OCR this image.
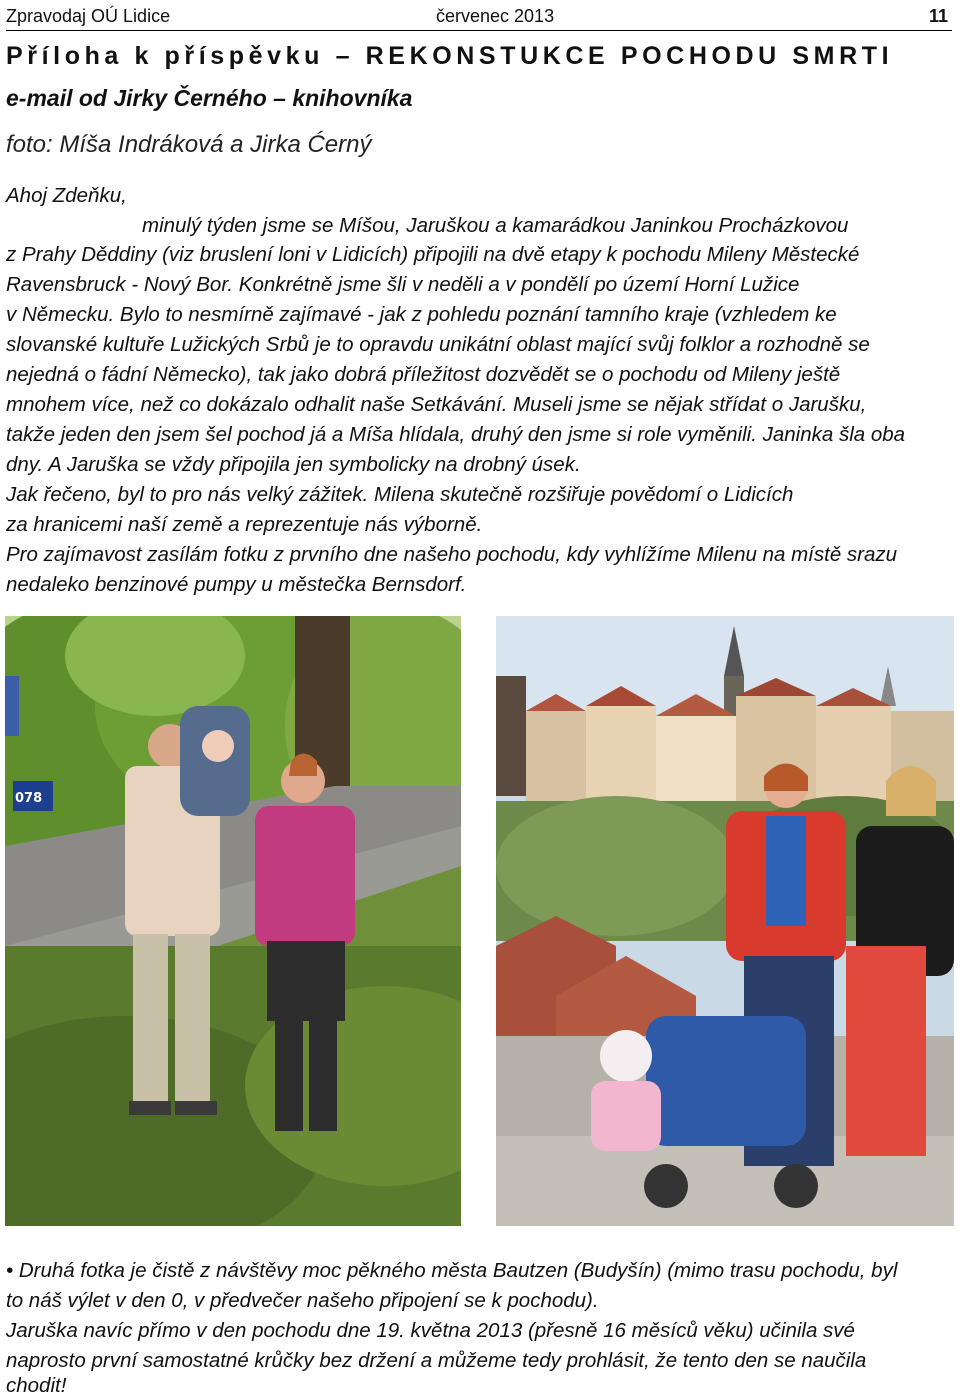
Zpravodaj OÚ Lidice	červenec 2013	11
Příloha k příspěvku – REKONSTUKCE POCHODU SMRTI
e-mail od Jirky Černého – knihovníka
foto: Míša Indráková a Jirka Ćerný
Ahoj Zdeňku,
minulý týden jsme se Míšou, Jaruškou a kamarádkou Janinkou Procházkovou
z Prahy Děddiny (viz bruslení loni v Lidicích) připojili na dvě etapy k pochodu Mileny Městecké
Ravensbruck - Nový Bor. Konkrétně jsme šli v neděli a v pondělí po území Horní Lužice
v Německu. Bylo to nesmírně zajímavé - jak z pohledu poznání tamního kraje (vzhledem ke
slovanské kultuře Lužických Srbů je to opravdu unikátní oblast mající svůj folklor a rozhodně se
nejedná o fádní Německo), tak jako dobrá příležitost dozvědět se o pochodu od Mileny ještě
mnohem více, než co dokázalo odhalit naše Setkávání. Museli jsme se nějak střídat o Jarušku,
takže jeden den jsem šel pochod já a Míša hlídala, druhý den jsme si role vyměnili. Janinka šla oba
dny. A Jaruška se vždy připojila jen symbolicky na drobný úsek.
Jak řečeno, byl to pro nás velký zážitek. Milena skutečně rozšiřuje povědomí o Lidicích
za hranicemi naší země a reprezentuje nás výborně.
Pro zajímavost zasílám fotku z prvního dne našeho pochodu, kdy vyhlížíme Milenu na místě srazu
nedaleko benzinové pumpy u městečka Bernsdorf.
078
• Druhá fotka je čistě z návštěvy moc pěkného města Bautzen (Budyšín) (mimo trasu pochodu, byl
to náš výlet v den 0, v předvečer našeho připojení se k pochodu).
Jaruška navíc přímo v den pochodu dne 19. května 2013 (přesně 16 měsíců věku) učinila své
naprosto první samostatné krůčky bez držení a můžeme tedy prohlásit, že tento den se naučila
chodit!
